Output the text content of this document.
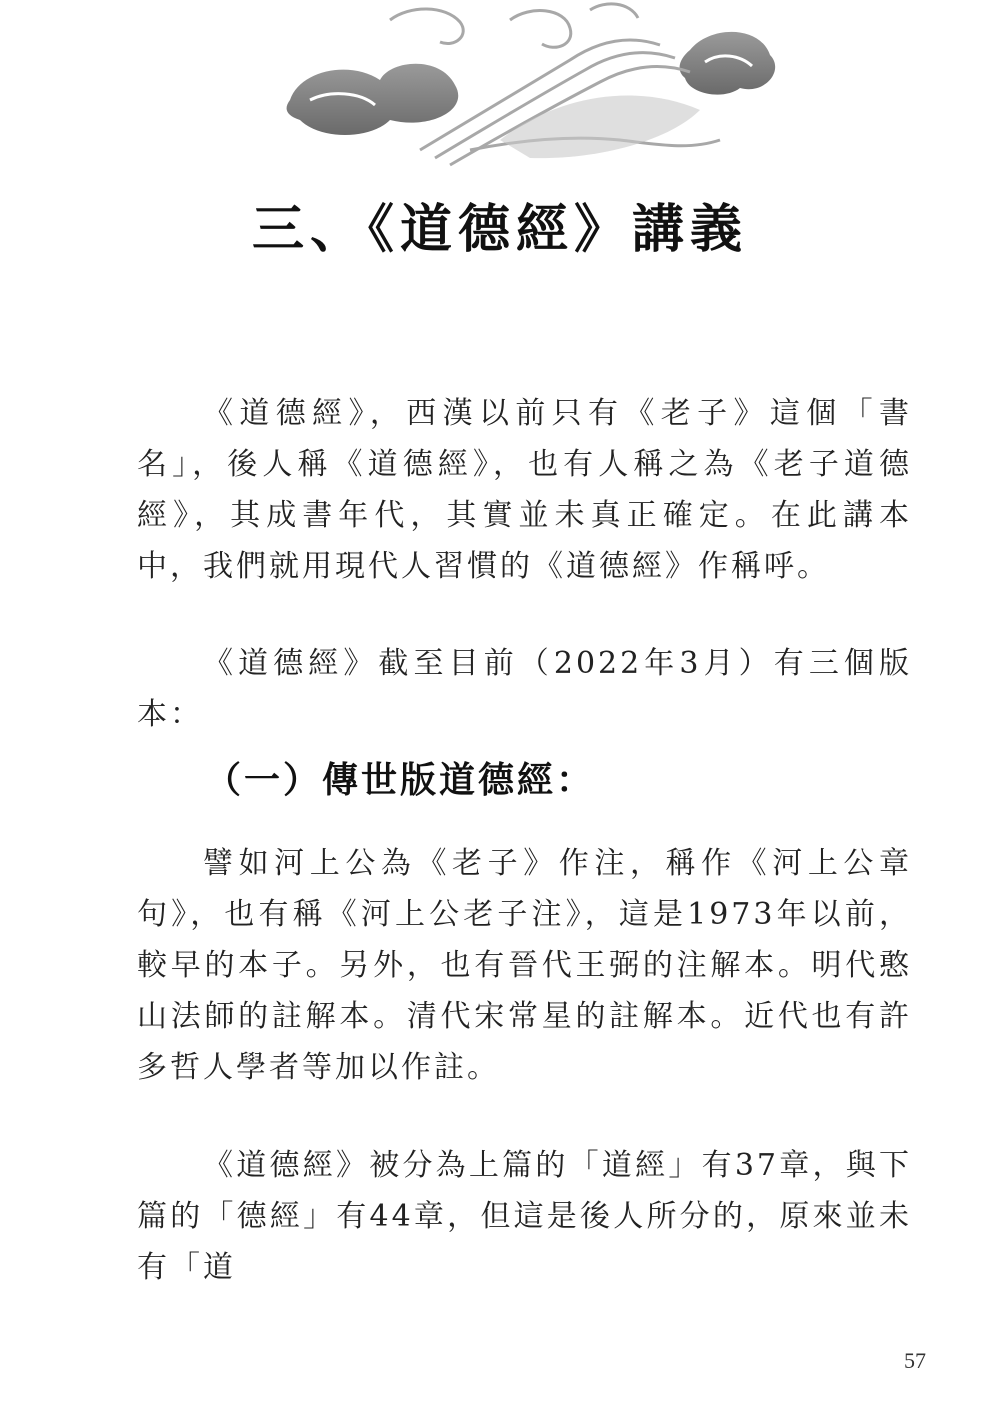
三、《道德經》講義

《道德經》，西漢以前只有《老子》這個「書名」，後人稱《道德經》，也有人稱之為《老子道德經》，其成書年代，其實並未真正確定。在此講本中，我們就用現代人習慣的《道德經》作稱呼。

《道德經》截至目前（2022年3月）有三個版本：

（一）傳世版道德經：

譬如河上公為《老子》作注，稱作《河上公章句》，也有稱《河上公老子注》，這是1973年以前，較早的本子。另外，也有晉代王弼的注解本。明代憨山法師的註解本。清代宋常星的註解本。近代也有許多哲人學者等加以作註。

《道德經》被分為上篇的「道經」有37章，與下篇的「德經」有44章，但這是後人所分的，原來並未有「道

57
